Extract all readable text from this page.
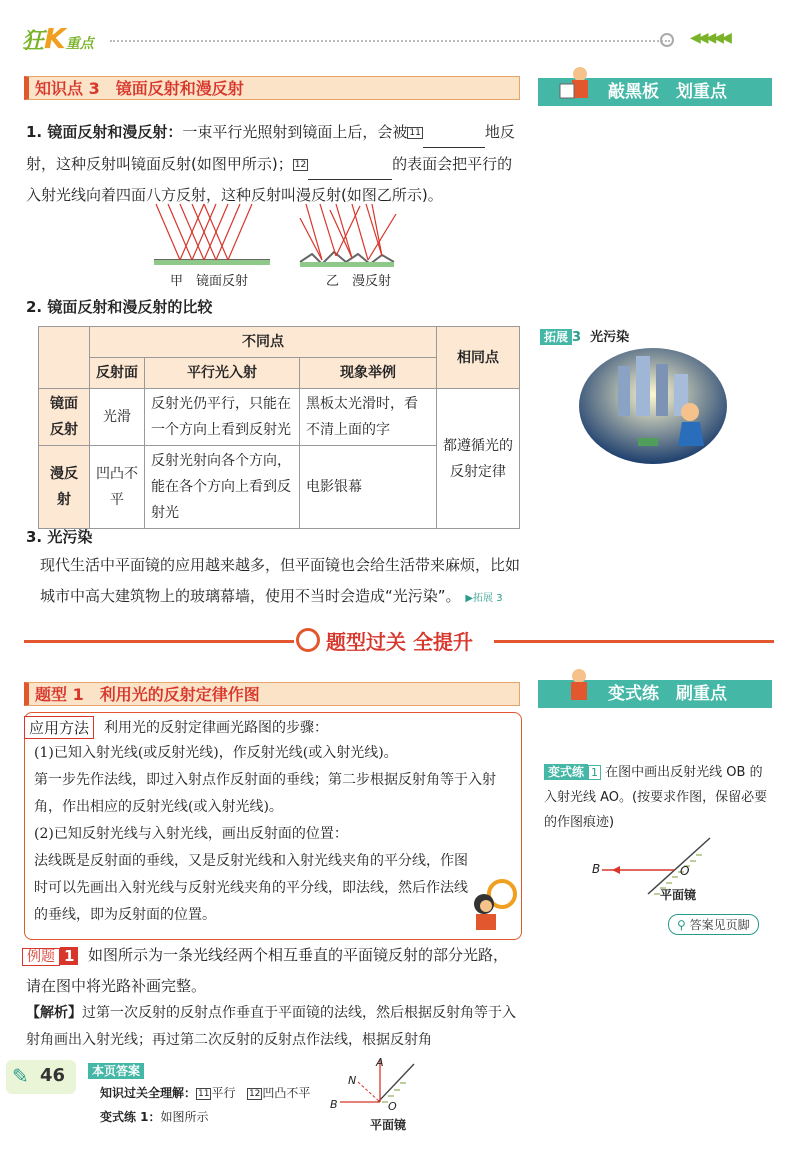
狂K重点	◀◀◀◀◀
知识点 3　镜面反射和漫反射
1. 镜面反射和漫反射：一束平行光照射到镜面上后，会被 11	地反射，这种反射叫镜面反射(如图甲所示)； 12	的表面会把平行的入射光线向着四面八方反射，这种反射叫漫反射(如图乙所示)。
甲　镜面反射	乙　漫反射
2. 镜面反射和漫反射的比较
	不同点			相同点
	反射面	平行光入射	现象举例	
镜面反射	光滑	反射光仍平行，只能在一个方向上看到反射光	黑板太光滑时，看不清上面的字	都遵循光的反射定律
漫反射	凹凸不平	反射光射向各个方向，能在各个方向上看到反射光	电影银幕	
3. 光污染
现代生活中平面镜的应用越来越多，但平面镜也会给生活带来麻烦，比如城市中高大建筑物上的玻璃幕墙，使用不当时会造成“光污染”。 ▶拓展 3
敲黑板　划重点
拓展 3 光污染
题型过关 全提升
题型 1　利用光的反射定律作图
应用方法	利用光的反射定律画光路图的步骤：
(1)已知入射光线(或反射光线)，作反射光线(或入射光线)。
第一步先作法线，即过入射点作反射面的垂线；第二步根据反射角等于入射角，作出相应的反射光线(或入射光线)。
(2)已知反射光线与入射光线，画出反射面的位置：
法线既是反射面的垂线，又是反射光线和入射光线夹角的平分线，作图时可以先画出入射光线与反射光线夹角的平分线，即法线，然后作法线的垂线，即为反射面的位置。
例题 1 如图所示为一条光线经两个相互垂直的平面镜反射的部分光路，请在图中将光路补画完整。
【解析】过第一次反射的反射点作垂直于平面镜的法线，然后根据反射角等于入射角画出入射光线；再过第二次反射的反射点作法线，根据反射角
变式练　刷重点
变式练 1 在图中画出反射光线 OB 的入射光线 AO。(按要求作图，保留必要的作图痕迹)
B	O
平面镜
⚲ 答案见页脚
✎ 46	本页答案
知识过关全理解： 11 平行 12 凹凸不平
变式练 1：如图所示
A
N
B	O
平面镜
